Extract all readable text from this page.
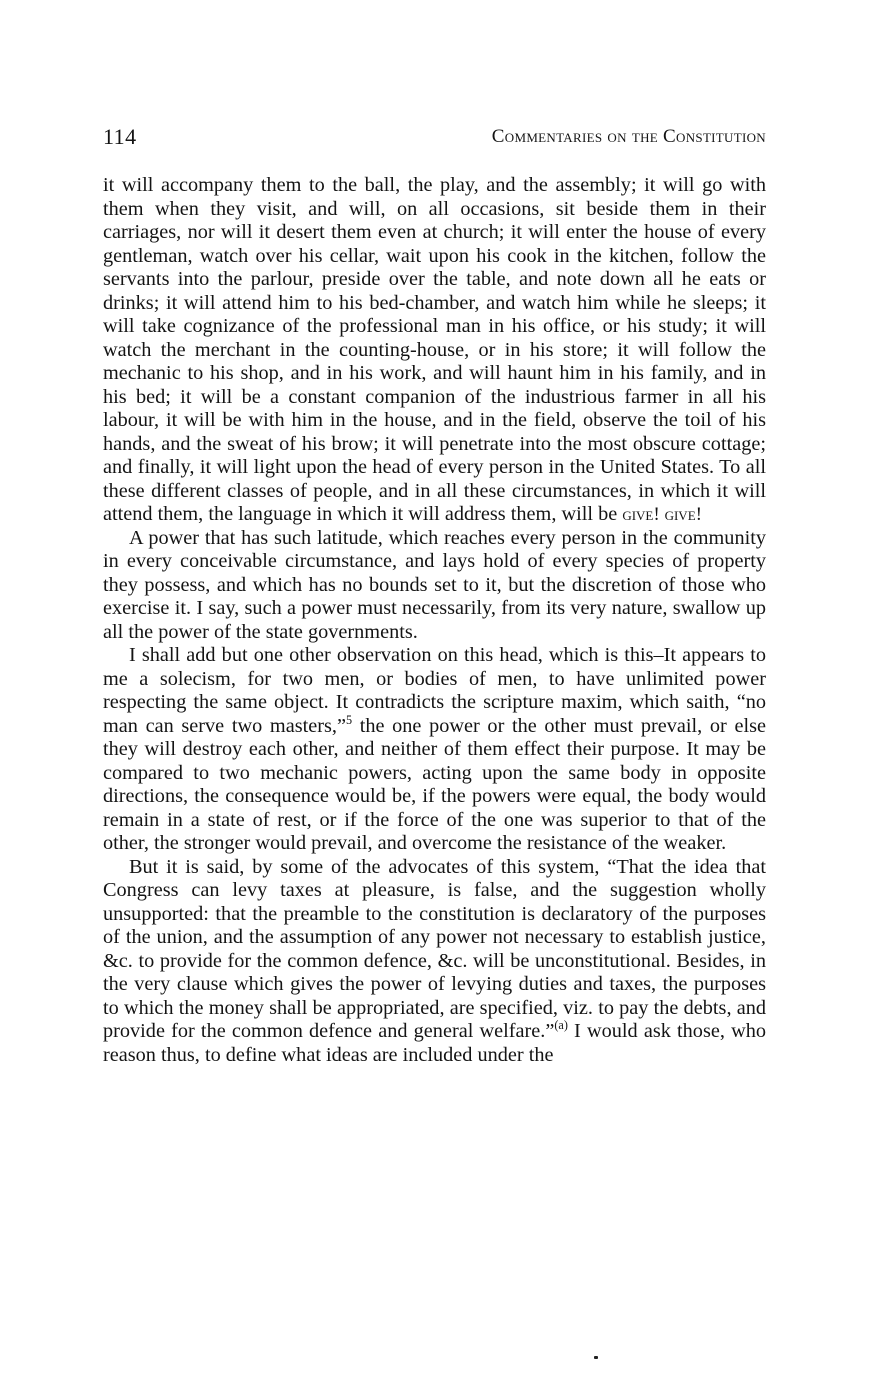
114	Commentaries on the Constitution

it will accompany them to the ball, the play, and the assembly; it will go with them when they visit, and will, on all occasions, sit beside them in their carriages, nor will it desert them even at church; it will enter the house of every gentleman, watch over his cellar, wait upon his cook in the kitchen, follow the servants into the parlour, preside over the table, and note down all he eats or drinks; it will attend him to his bed-chamber, and watch him while he sleeps; it will take cognizance of the professional man in his office, or his study; it will watch the merchant in the counting-house, or in his store; it will follow the mechanic to his shop, and in his work, and will haunt him in his family, and in his bed; it will be a constant companion of the industrious farmer in all his labour, it will be with him in the house, and in the field, observe the toil of his hands, and the sweat of his brow; it will penetrate into the most obscure cottage; and finally, it will light upon the head of every person in the United States. To all these different classes of people, and in all these circumstances, in which it will attend them, the language in which it will address them, will be give! give!

A power that has such latitude, which reaches every person in the community in every conceivable circumstance, and lays hold of every species of property they possess, and which has no bounds set to it, but the discretion of those who exercise it. I say, such a power must necessarily, from its very nature, swallow up all the power of the state governments.

I shall add but one other observation on this head, which is this–It appears to me a solecism, for two men, or bodies of men, to have unlimited power respecting the same object. It contradicts the scripture maxim, which saith, “no man can serve two masters,”$^5$ the one power or the other must prevail, or else they will destroy each other, and neither of them effect their purpose. It may be compared to two mechanic powers, acting upon the same body in opposite directions, the consequence would be, if the powers were equal, the body would remain in a state of rest, or if the force of the one was superior to that of the other, the stronger would prevail, and overcome the resistance of the weaker.

But it is said, by some of the advocates of this system, “That the idea that Congress can levy taxes at pleasure, is false, and the suggestion wholly unsupported: that the preamble to the constitution is declaratory of the purposes of the union, and the assumption of any power not necessary to establish justice, &c. to provide for the common defence, &c. will be unconstitutional. Besides, in the very clause which gives the power of levying duties and taxes, the purposes to which the money shall be appropriated, are specified, viz. to pay the debts, and provide for the common defence and general welfare.”$^{(a)}$ I would ask those, who reason thus, to define what ideas are included under the
